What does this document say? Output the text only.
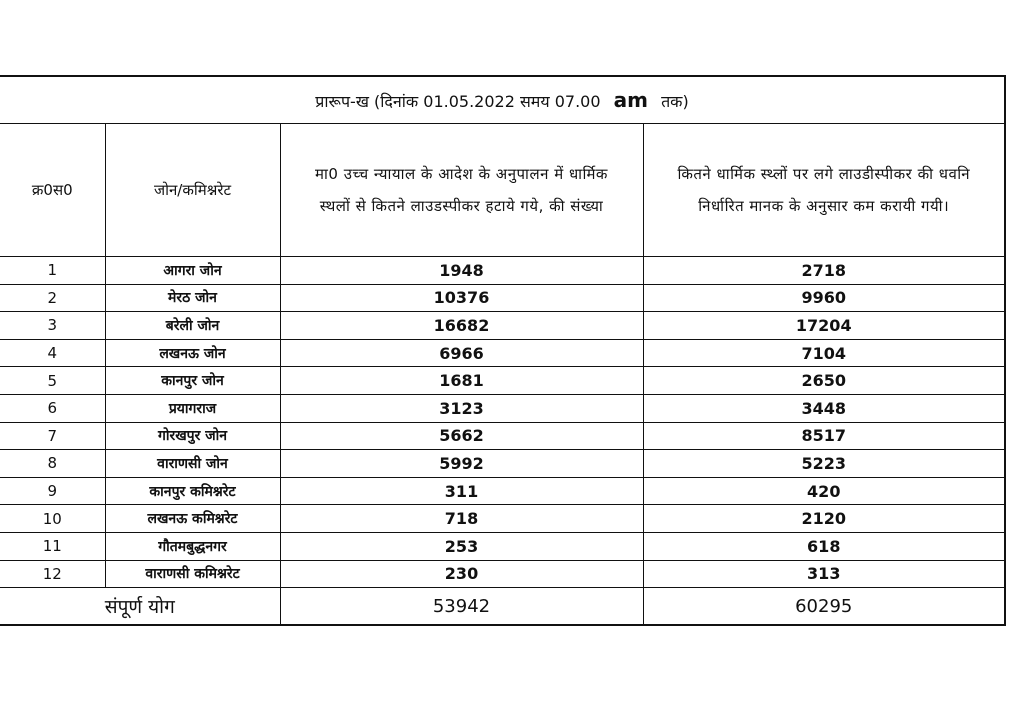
प्रारूप-ख (दिनांक 01.05.2022 समय 07.00 am तक)			
क्र0स0	जोन/कमिश्नरेट	मा0 उच्च न्यायाल के आदेश के अनुपालन में धार्मिक स्थलों से कितने लाउडस्पीकर हटाये गये, की संख्या	कितने धार्मिक स्थ्लों पर लगे लाउडीस्पीकर की धवनि निर्धारित मानक के अनुसार कम करायी गयी।
1	आगरा जोन	1948	2718
2	मेरठ जोन	10376	9960
3	बरेली जोन	16682	17204
4	लखनऊ जोन	6966	7104
5	कानपुर जोन	1681	2650
6	प्रयागराज	3123	3448
7	गोरखपुर जोन	5662	8517
8	वाराणसी जोन	5992	5223
9	कानपुर कमिश्नरेट	311	420
10	लखनऊ कमिश्नरेट	718	2120
11	गौतमबुद्धनगर	253	618
12	वाराणसी कमिश्नरेट	230	313
संपूर्ण योग		53942	60295
